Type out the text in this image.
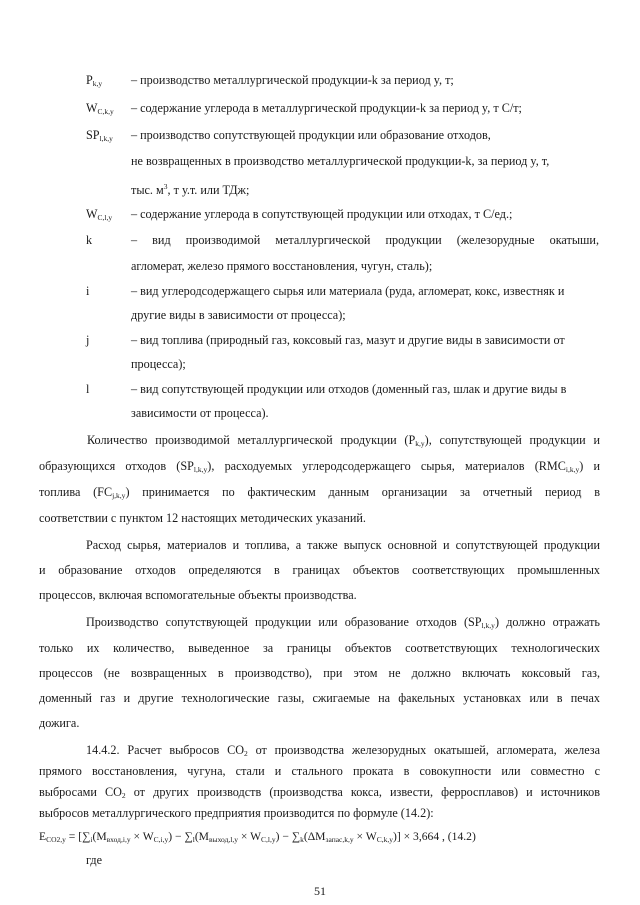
$P_{k,y}$ – производство металлургической продукции-k за период y, т;
$W_{C,k,y}$ – содержание углерода в металлургической продукции-k за период y, т С/т;
$SP_{l,k,y}$ – производство сопутствующей продукции или образование отходов,
не возвращенных в производство металлургической продукции-k, за период y, т,
тыс. $м^3$, т у.т. или ТДж;
$W_{C,l,y}$ – содержание углерода в сопутствующей продукции или отходах, т С/ед.;
k	– вид производимой металлургической продукции (железорудные окатыши,
агломерат, железо прямого восстановления, чугун, сталь);
i	– вид углеродсодержащего сырья или материала (руда, агломерат, кокс, известняк и
другие виды в зависимости от процесса);
j	– вид топлива (природный газ, коксовый газ, мазут и другие виды в зависимости от
процесса);
l	– вид сопутствующей продукции или отходов (доменный газ, шлак и другие виды в
зависимости от процесса).
Количество производимой металлургической продукции $(P_{k,y})$, сопутствующей продукции и
образующихся отходов $(SP_{l,k,y})$, расходуемых углеродсодержащего сырья, материалов $(RMC_{i,k,y})$ и
топлива $(FC_{j,k,y})$ принимается по фактическим данным организации за отчетный период в
соответствии с пунктом 12 настоящих методических указаний.
Расход сырья, материалов и топлива, а также выпуск основной и сопутствующей продукции
и образование отходов определяются в границах объектов соответствующих промышленных
процессов, включая вспомогательные объекты производства.
Производство сопутствующей продукции или образование отходов $(SP_{l,k,y})$ должно отражать
только их количество, выведенное за границы объектов соответствующих технологических
процессов (не возвращенных в производство), при этом не должно включать коксовый газ,
доменный газ и другие технологические газы, сжигаемые на факельных установках или в печах
дожига.
14.4.2. Расчет выбросов $CO_2$ от производства железорудных окатышей, агломерата, железа
прямого восстановления, чугуна, стали и стального проката в совокупности или совместно с
выбросами $CO_2$ от других производств (производства кокса, извести, ферросплавов) и источников
выбросов металлургического предприятия производится по формуле (14.2):
$E_{CO2,y} = [\sum_i(M_{вход,i,y} \times W_{C,i,y}) - \sum_l(M_{выход,l,y} \times W_{C,l,y}) - \sum_k(\Delta M_{запас,k,y} \times W_{C,k,y})] \times 3,664$ , (14.2)
где
51
